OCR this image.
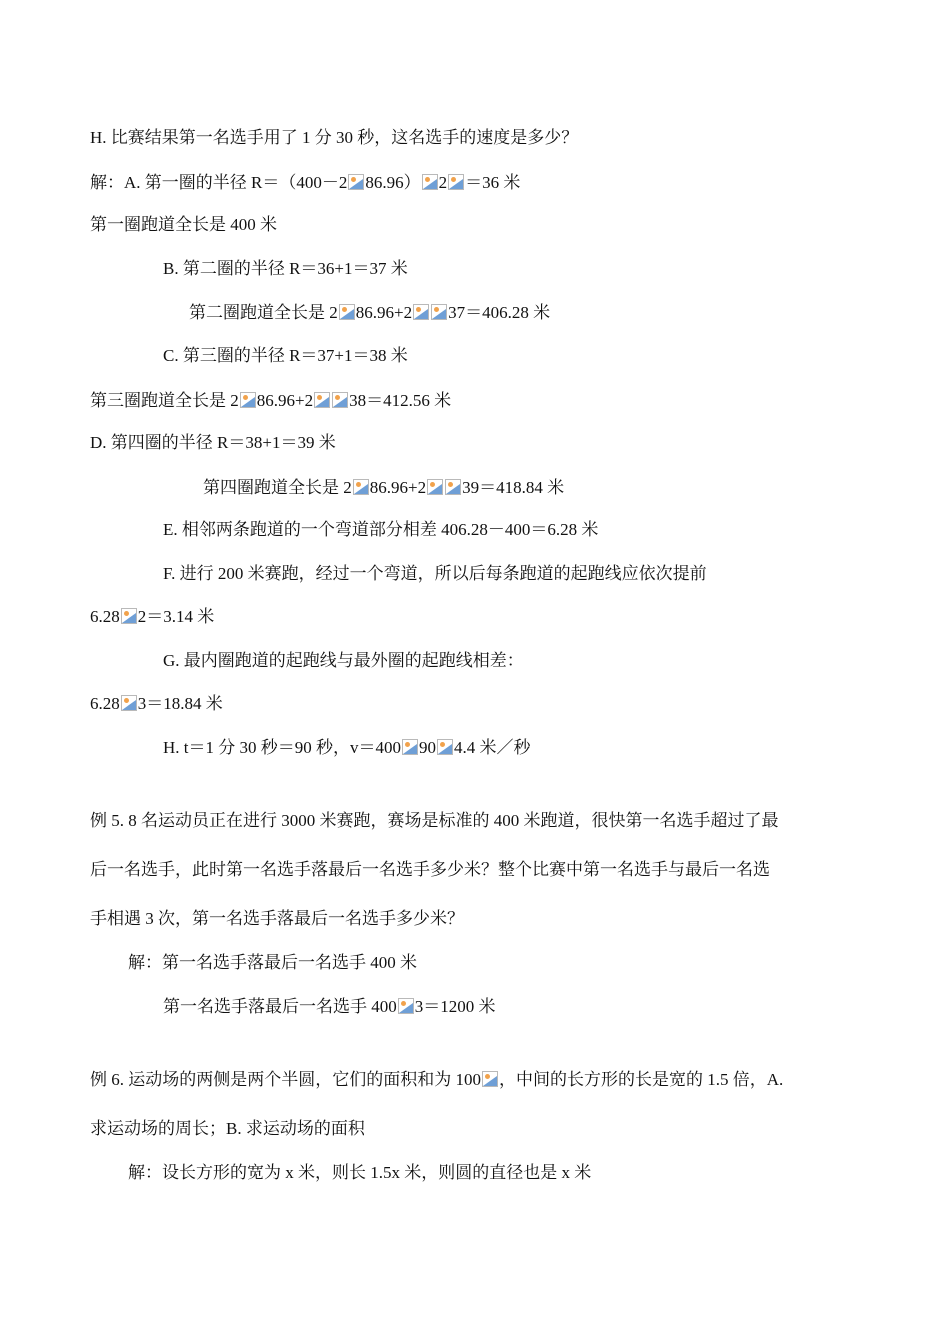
H. 比赛结果第一名选手用了 1 分 30 秒，这名选手的速度是多少？
解：A. 第一圈的半径 R＝（400－2 86.96） 2 ＝36 米
第一圈跑道全长是 400 米
B. 第二圈的半径 R＝36+1＝37 米
第二圈跑道全长是 2 86.96+2 37＝406.28 米
C. 第三圈的半径 R＝37+1＝38 米
第三圈跑道全长是 2 86.96+2 38＝412.56 米
D. 第四圈的半径 R＝38+1＝39 米
第四圈跑道全长是 2 86.96+2 39＝418.84 米
E. 相邻两条跑道的一个弯道部分相差 406.28－400＝6.28 米
F. 进行 200 米赛跑，经过一个弯道，所以后每条跑道的起跑线应依次提前
6.28 2＝3.14 米
G. 最内圈跑道的起跑线与最外圈的起跑线相差：
6.28 3＝18.84 米
H. t＝1 分 30 秒＝90 秒，v＝400 90 4.4 米／秒
例 5. 8 名运动员正在进行 3000 米赛跑，赛场是标准的 400 米跑道，很快第一名选手超过了最
后一名选手，此时第一名选手落最后一名选手多少米？整个比赛中第一名选手与最后一名选
手相遇 3 次，第一名选手落最后一名选手多少米？
解：第一名选手落最后一名选手 400 米
第一名选手落最后一名选手 400 3＝1200 米
例 6. 运动场的两侧是两个半圆，它们的面积和为 100 ，中间的长方形的长是宽的 1.5 倍，A.
求运动场的周长；B. 求运动场的面积
解：设长方形的宽为 x 米，则长 1.5x 米，则圆的直径也是 x 米
